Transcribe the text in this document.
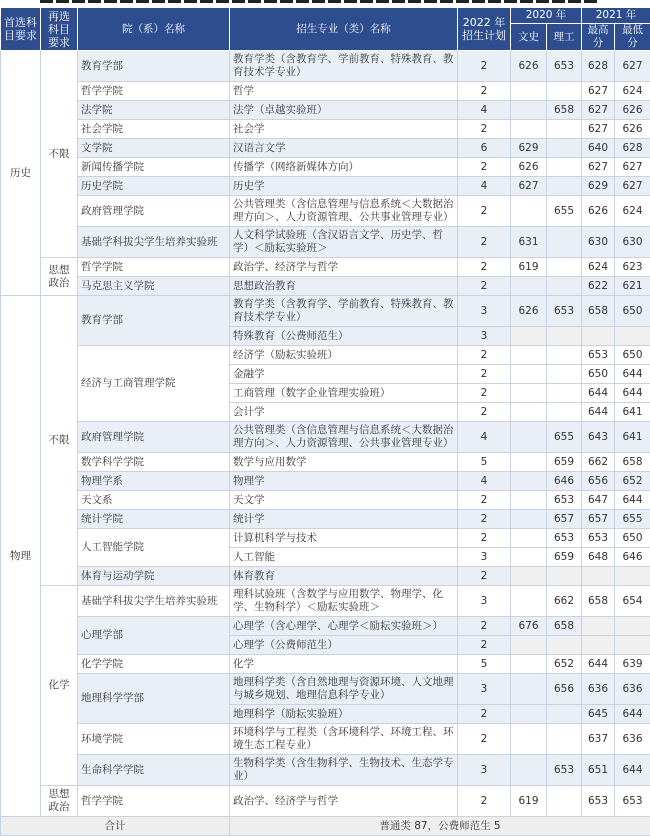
首选科目要求	再选科目要求	院（系）名称	招生专业（类）名称	2022 年招生计划	2020 年		2021 年	
					文史	理工	最高分	最低分
历史	不限	教育学部	教育学类（含教育学、学前教育、特殊教育、教育技术学专业）	2	626	653	628	627
		哲学学院	哲学	2			627	624
		法学院	法学（卓越实验班）	4		658	627	626
		社会学院	社会学	2			627	626
		文学院	汉语言文学	6	629		640	628
		新闻传播学院	传播学（网络新媒体方向）	2	626		627	627
		历史学院	历史学	4	627		629	627
		政府管理学院	公共管理类（含信息管理与信息系统＜大数据治理方向＞、人力资源管理、公共事业管理专业）	2		655	626	624
		基础学科拔尖学生培养实验班	人文科学试验班（含汉语言文学、历史学、哲学）＜励耘实验班＞	2	631		630	630
	思想政治	哲学学院	政治学、经济学与哲学	2	619		624	623
		马克思主义学院	思想政治教育	2			622	621
物理	不限	教育学部	教育学类（含教育学、学前教育、特殊教育、教育技术学专业）	3	626	653	658	650
			特殊教育（公费师范生）	3				
		经济与工商管理学院	经济学（励耘实验班）	2			653	650
			金融学	2			650	644
			工商管理（数字企业管理实验班）	2			644	644
			会计学	2			644	641
		政府管理学院	公共管理类（含信息管理与信息系统＜大数据治理方向＞、人力资源管理、公共事业管理专业）	4		655	643	641
		数学科学学院	数学与应用数学	5		659	662	658
		物理学系	物理学	4		646	656	652
		天文系	天文学	2		653	647	644
		统计学院	统计学	2		657	657	655
		人工智能学院	计算机科学与技术	2		653	653	650
			人工智能	3		659	648	646
		体育与运动学院	体育教育	2				
	化学	基础学科拔尖学生培养实验班	理科试验班（含数学与应用数学、物理学、化学、生物科学）＜励耘实验班＞	3		662	658	654
		心理学部	心理学（含心理学、心理学＜励耘实验班＞）	2	676	658		
			心理学（公费师范生）	2				
		化学学院	化学	5		652	644	639
		地理科学学部	地理科学类（含自然地理与资源环境、人文地理与城乡规划、地理信息科学专业）	3		656	636	636
			地理科学（励耘实验班）	2			645	644
		环境学院	环境科学与工程类（含环境科学、环境工程、环境生态工程专业）	2			637	636
		生命科学学院	生物科学类（含生物科学、生物技术、生态学专业）	3		653	651	644
	思想政治	哲学学院	政治学、经济学与哲学	2	619		653	653
合计			普通类 87，公费师范生 5					
